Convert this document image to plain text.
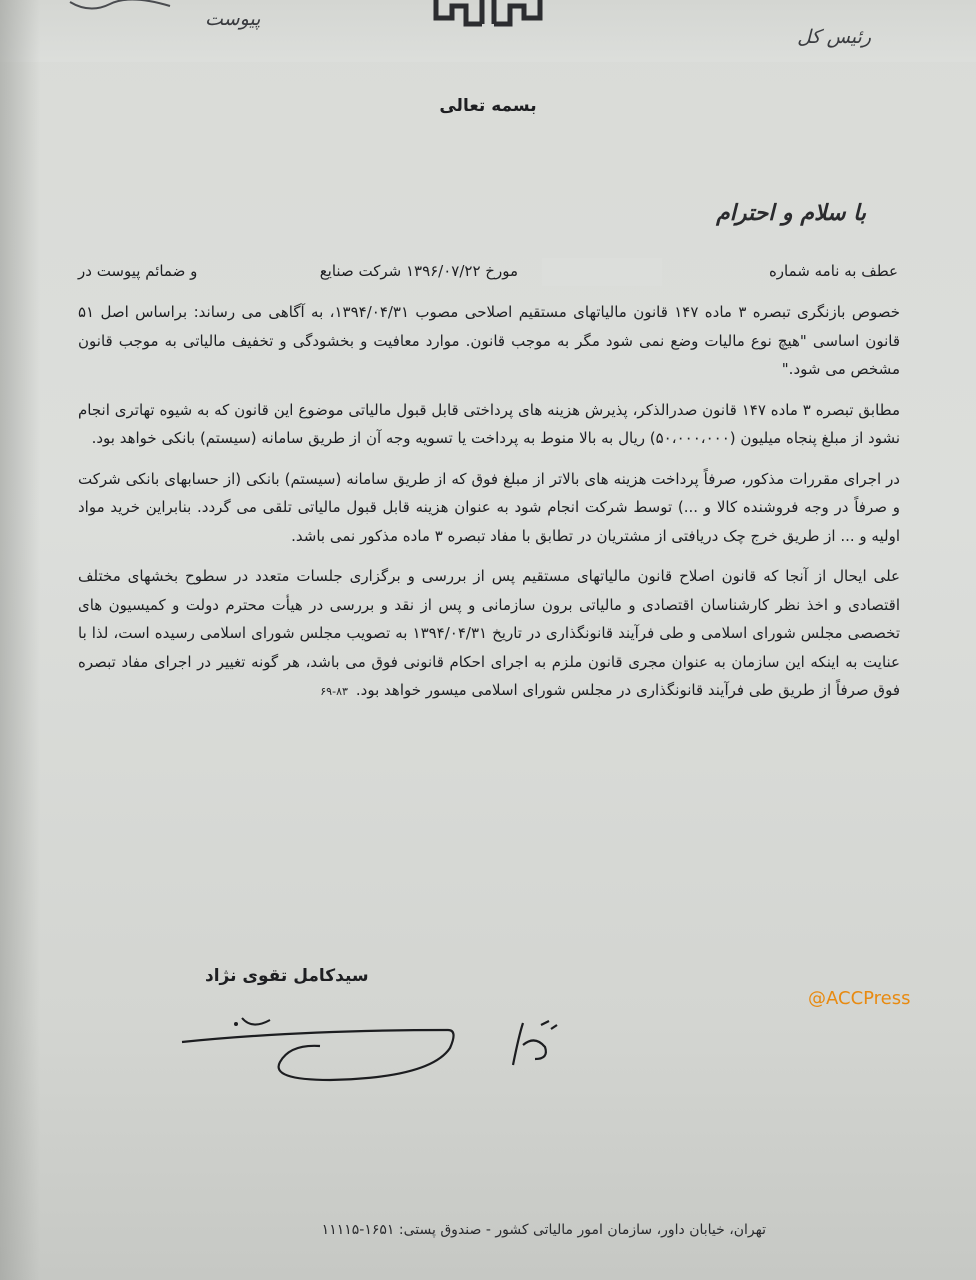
پیوست
رئیس کل
بسمه تعالی
با سلام و احترام
عطف به نامه شماره
مورخ ۱۳۹۶/۰۷/۲۲ شرکت صنایع
و ضمائم پیوست در

خصوص بازنگری تبصره ۳ ماده ۱۴۷ قانون مالیاتهای مستقیم اصلاحی مصوب ۱۳۹۴/۰۴/۳۱، به آگاهی می رساند: براساس اصل ۵۱ قانون اساسی "هیچ نوع مالیات وضع نمی شود مگر به موجب قانون. موارد معافیت و بخشودگی و تخفیف مالیاتی به موجب قانون مشخص می شود."

مطابق تبصره ۳ ماده ۱۴۷ قانون صدرالذکر، پذیرش هزینه های پرداختی قابل قبول مالیاتی موضوع این قانون که به شیوه تهاتری انجام نشود از مبلغ پنجاه میلیون (۵۰،۰۰۰،۰۰۰) ریال به بالا منوط به پرداخت یا تسویه وجه آن از طریق سامانه (سیستم) بانکی خواهد بود.

در اجرای مقررات مذکور، صرفاً پرداخت هزینه های بالاتر از مبلغ فوق که از طریق سامانه (سیستم) بانکی (از حسابهای بانکی شرکت و صرفاً در وجه فروشنده کالا و ...) توسط شرکت انجام شود به عنوان هزینه قابل قبول مالیاتی تلقی می گردد. بنابراین خرید مواد اولیه و ... از طریق خرج چک دریافتی از مشتریان در تطابق با مفاد تبصره ۳ ماده مذکور نمی باشد.

علی ایحال از آنجا که قانون اصلاح قانون مالیاتهای مستقیم پس از بررسی و برگزاری جلسات متعدد در سطوح بخشهای مختلف اقتصادی و اخذ نظر کارشناسان اقتصادی و مالیاتی برون سازمانی و پس از نقد و بررسی در هیأت محترم دولت و کمیسیون های تخصصی مجلس شورای اسلامی و طی فرآیند قانونگذاری در تاریخ ۱۳۹۴/۰۴/۳۱ به تصویب مجلس شورای اسلامی رسیده است، لذا با عنایت به اینکه این سازمان به عنوان مجری قانون ملزم به اجرای احکام قانونی فوق می باشد، هر گونه تغییر در اجرای مفاد تبصره فوق صرفاً از طریق طی فرآیند قانونگذاری در مجلس شورای اسلامی میسور خواهد بود.۸۳-۶۹

سیدکامل تقوی نژاد
@ACCPress
تهران، خیابان داور، سازمان امور مالیاتی کشور - صندوق پستی: ۱۶۵۱-۱۱۱۱۵
